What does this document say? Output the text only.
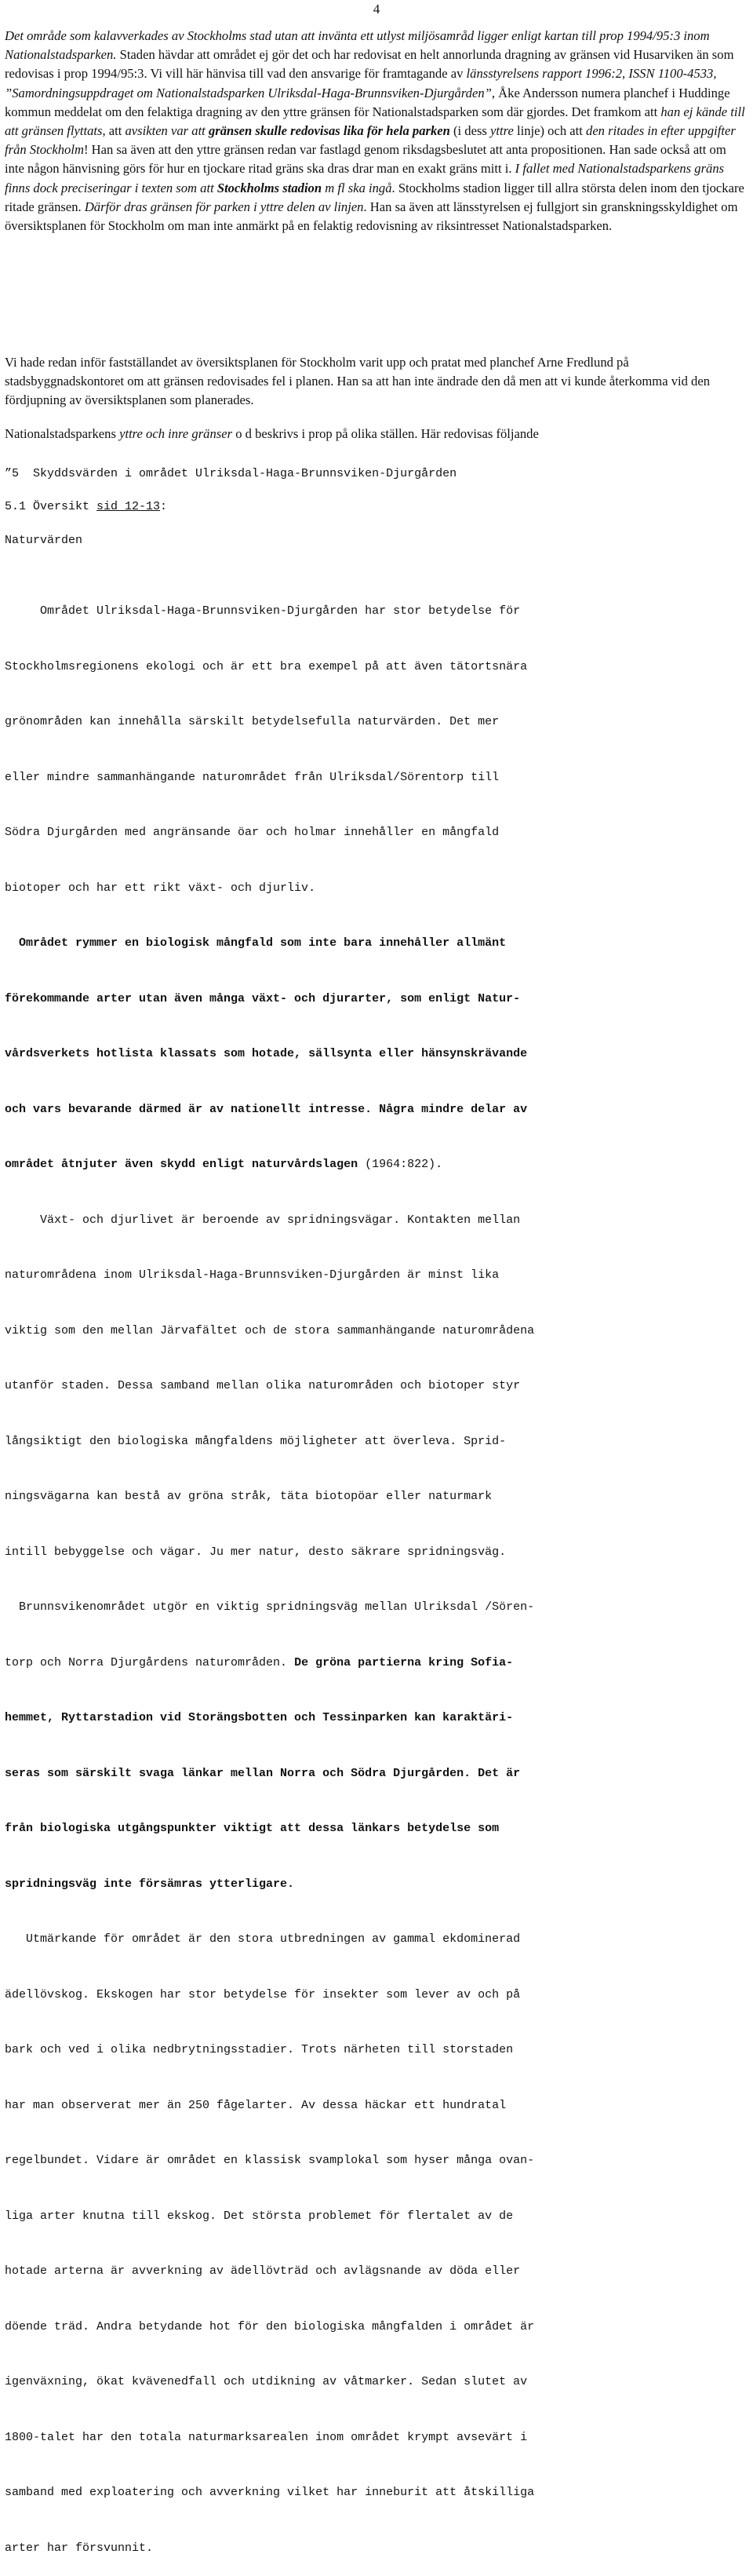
4

Det område som kalavverkades av Stockholms stad utan att invänta ett utlyst miljösamråd ligger enligt kartan till prop 1994/95:3 inom Nationalstadsparken. Staden hävdar att området ej gör det och har redovisat en helt annorlunda dragning av gränsen vid Husarviken än som redovisas i prop 1994/95:3. Vi vill här hänvisa till vad den ansvarige för framtagande av länsstyrelsens rapport 1996:2, ISSN 1100-4533, ”Samordningsuppdraget om Nationalstadsparken Ulriksdal-Haga-Brunnsviken-Djurgården”, Åke Andersson numera planchef i Huddinge kommun meddelat om den felaktiga dragning av den yttre gränsen för Nationalstadsparken som där gjordes. Det framkom att han ej kände till att gränsen flyttats, att avsikten var att gränsen skulle redovisas lika för hela parken (i dess yttre linje) och att den ritades in efter uppgifter från Stockholm! Han sa även att den yttre gränsen redan var fastlagd genom riksdagsbeslutet att anta propositionen. Han sade också att om inte någon hänvisning görs för hur en tjockare ritad gräns ska dras drar man en exakt gräns mitt i. I fallet med Nationalstadsparkens gräns finns dock preciseringar i texten som att Stockholms stadion m fl ska ingå. Stockholms stadion ligger till allra största delen inom den tjockare ritade gränsen. Därför dras gränsen för parken i yttre delen av linjen. Han sa även att länsstyrelsen ej fullgjort sin granskningsskyldighet om översiktsplanen för Stockholm om man inte anmärkt på en felaktig redovisning av riksintresset Nationalstadsparken.

Vi hade redan inför fastställandet av översiktsplanen för Stockholm varit upp och pratat med planchef Arne Fredlund på stadsbyggnadskontoret om att gränsen redovisades fel i planen. Han sa att han inte ändrade den då men att vi kunde återkomma vid den fördjupning av översiktsplanen som planerades.

Nationalstadsparkens yttre och inre gränser o d beskrivs i prop på olika ställen. Här redovisas följande

”5  Skyddsvärden i området Ulriksdal-Haga-Brunnsviken-Djurgården
5.1 Översikt sid 12-13:
Naturvärden

Området Ulriksdal-Haga-Brunnsviken-Djurgården har stor betydelse för

Stockholmsregionens ekologi och är ett bra exempel på att även tätortsnära

grönområden kan innehålla särskilt betydelsefulla naturvärden. Det mer

eller mindre sammanhängande naturområdet från Ulriksdal/Sörentorp till

Södra Djurgården med angränsande öar och holmar innehåller en mångfald

biotoper och har ett rikt växt- och djurliv.

Området rymmer en biologisk mångfald som inte bara innehåller allmänt

förekommande arter utan även många växt- och djurarter, som enligt Natur-

vårdsverkets hotlista klassats som hotade, sällsynta eller hänsynskrävande

och vars bevarande därmed är av nationellt intresse. Några mindre delar av

området åtnjuter även skydd enligt naturvårdslagen (1964:822).

Växt- och djurlivet är beroende av spridningsvägar. Kontakten mellan

naturområdena inom Ulriksdal-Haga-Brunnsviken-Djurgården är minst lika

viktig som den mellan Järvafältet och de stora sammanhängande naturområdena

utanför staden. Dessa samband mellan olika naturområden och biotoper styr

långsiktigt den biologiska mångfaldens möjligheter att överleva. Sprid-

ningsvägarna kan bestå av gröna stråk, täta biotopöar eller naturmark

intill bebyggelse och vägar. Ju mer natur, desto säkrare spridningsväg.

Brunnsvikenområdet utgör en viktig spridningsväg mellan Ulriksdal /Sören-

torp och Norra Djurgårdens naturområden. De gröna partierna kring Sofia-

hemmet, Ryttarstadion vid Storängsbotten och Tessinparken kan karaktäri-

seras som särskilt svaga länkar mellan Norra och Södra Djurgården. Det är

från biologiska utgångspunkter viktigt att dessa länkars betydelse som

spridningsväg inte försämras ytterligare.

Utmärkande för området är den stora utbredningen av gammal ekdominerad

ädellövskog. Ekskogen har stor betydelse för insekter som lever av och på

bark och ved i olika nedbrytningsstadier. Trots närheten till storstaden

har man observerat mer än 250 fågelarter. Av dessa häckar ett hundratal

regelbundet. Vidare är området en klassisk svamplokal som hyser många ovan-

liga arter knutna till ekskog. Det största problemet för flertalet av de

hotade arterna är avverkning av ädellövträd och avlägsnande av döda eller

döende träd. Andra betydande hot för den biologiska mångfalden i området är

igenväxning, ökat kvävenedfall och utdikning av våtmarker. Sedan slutet av

1800-talet har den totala naturmarksarealen inom området krympt avsevärt i

samband med exploatering och avverkning vilket har inneburit att åtskilliga

arter har försvunnit.
